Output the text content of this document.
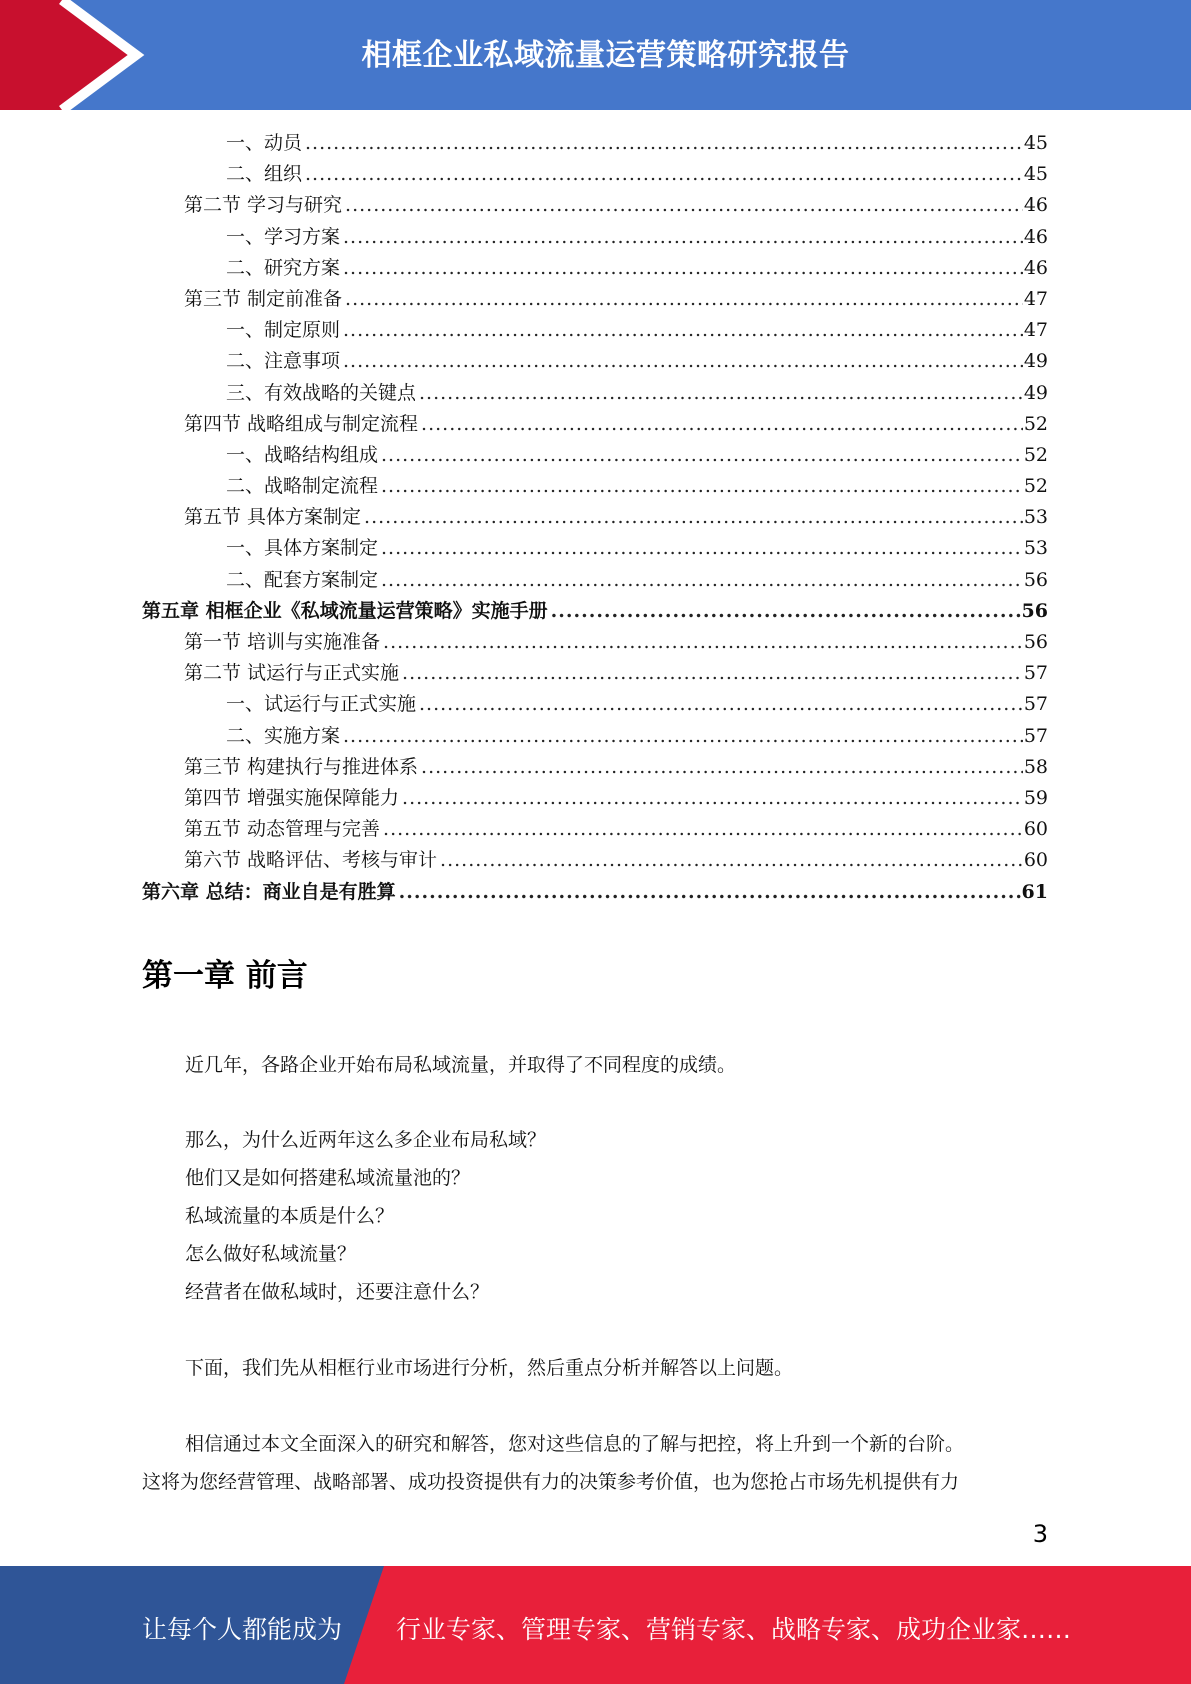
相框企业私域流量运营策略研究报告
一、动员 .....	45
二、组织 .....	45
第二节 学习与研究 .....	46
一、学习方案 .....	46
二、研究方案 .....	46
第三节 制定前准备 .....	47
一、制定原则 .....	47
二、注意事项 .....	49
三、有效战略的关键点 .....	49
第四节 战略组成与制定流程 .....	52
一、战略结构组成 .....	52
二、战略制定流程 .....	52
第五节 具体方案制定 .....	53
一、具体方案制定 .....	53
二、配套方案制定 .....	56
第五章 相框企业《私域流量运营策略》实施手册 .....	56
第一节 培训与实施准备 .....	56
第二节 试运行与正式实施 .....	57
一、试运行与正式实施 .....	57
二、实施方案 .....	57
第三节 构建执行与推进体系 .....	58
第四节 增强实施保障能力 .....	59
第五节 动态管理与完善 .....	60
第六节 战略评估、考核与审计 .....	60
第六章 总结：商业自是有胜算 .....	61
第一章 前言
近几年，各路企业开始布局私域流量，并取得了不同程度的成绩。
那么，为什么近两年这么多企业布局私域？
他们又是如何搭建私域流量池的？
私域流量的本质是什么？
怎么做好私域流量？
经营者在做私域时，还要注意什么？
下面，我们先从相框行业市场进行分析，然后重点分析并解答以上问题。
相信通过本文全面深入的研究和解答，您对这些信息的了解与把控，将上升到一个新的台阶。
这将为您经营管理、战略部署、成功投资提供有力的决策参考价值，也为您抢占市场先机提供有力
3
让每个人都能成为 行业专家、管理专家、营销专家、战略专家、成功企业家……
